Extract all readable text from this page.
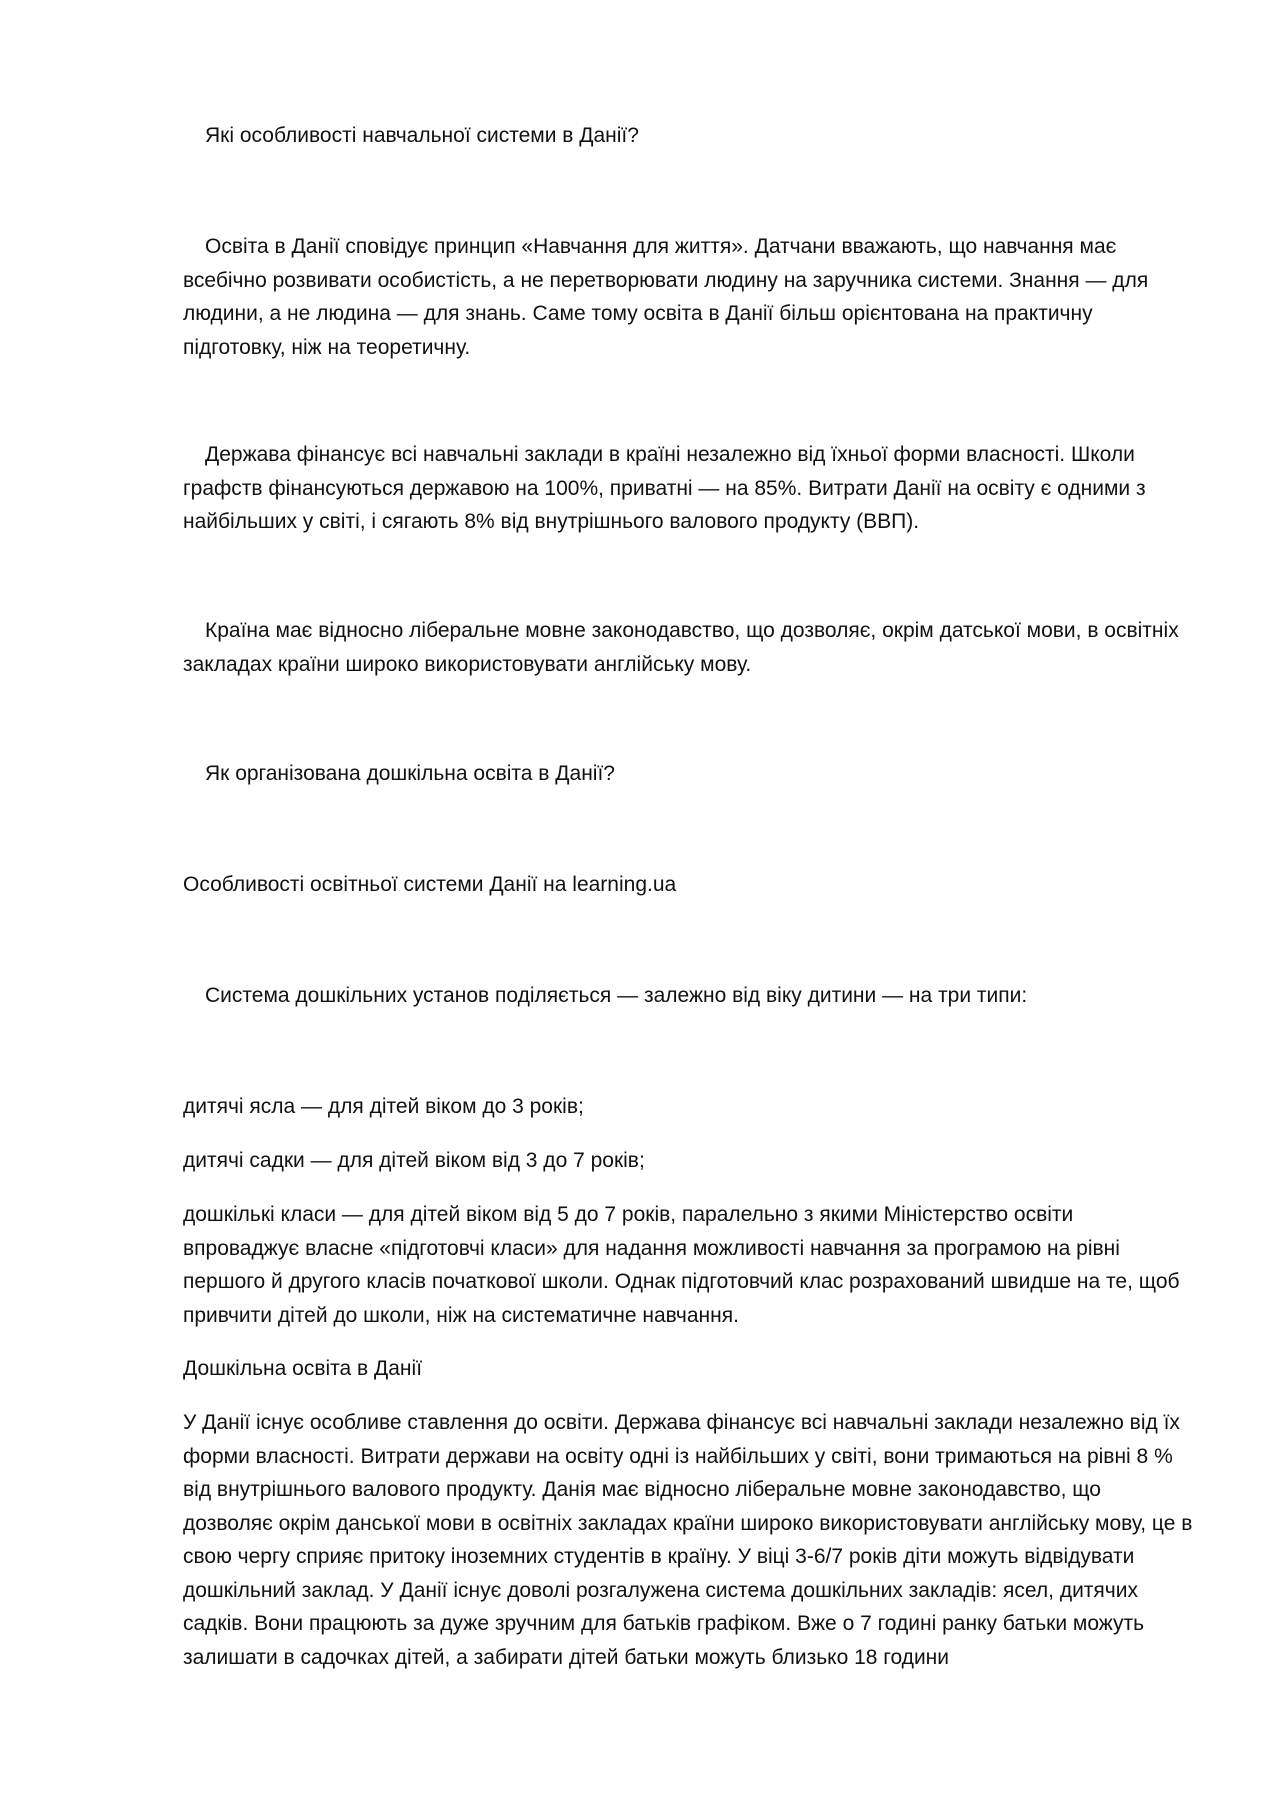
Які особливості навчальної системи в Данії?

Освіта в Данії сповідує принцип «Навчання для життя». Датчани вважають, що навчання має всебічно розвивати особистість, а не перетворювати людину на заручника системи. Знання — для людини, а не людина — для знань. Саме тому освіта в Данії більш орієнтована на практичну підготовку, ніж на теоретичну.

Держава фінансує всі навчальні заклади в країні незалежно від їхньої форми власності. Школи графств фінансуються державою на 100%, приватні — на 85%. Витрати Данії на освіту є одними з найбільших у світі, і сягають 8% від внутрішнього валового продукту (ВВП).

Країна має відносно ліберальне мовне законодавство, що дозволяє, окрім датської мови, в освітніх закладах країни широко використовувати англійську мову.

Як організована дошкільна освіта в Данії?

Особливості освітньої системи Данії на learning.ua

Система дошкільних установ поділяється — залежно від віку дитини — на три типи:

дитячі ясла — для дітей віком до 3 років;

дитячі садки — для дітей віком від 3 до 7 років;

дошкількі класи — для дітей віком від 5 до 7 років, паралельно з якими Міністерство освіти впроваджує власне «підготовчі класи» для надання можливості навчання за програмою на рівні першого й другого класів початкової школи. Однак підготовчий клас розрахований швидше на те, щоб привчити дітей до школи, ніж на систематичне навчання.

Дошкільна освіта в Данії

У Данії існує особливе ставлення до освіти. Держава фінансує всі навчальні заклади незалежно від їх форми власності. Витрати держави на освіту одні із найбільших у світі, вони тримаються на рівні 8 % від внутрішнього валового продукту. Данія має відносно ліберальне мовне законодавство, що дозволяє окрім данської мови в освітніх закладах країни широко використовувати англійську мову, це в свою чергу сприяє притоку іноземних студентів в країну. У віці 3-6/7 років діти можуть відвідувати дошкільний заклад. У Данії існує доволі розгалужена система дошкільних закладів: ясел, дитячих садків. Вони працюють за дуже зручним для батьків графіком. Вже о 7 годині ранку батьки можуть залишати в садочках дітей, а забирати дітей батьки можуть близько 18 години
